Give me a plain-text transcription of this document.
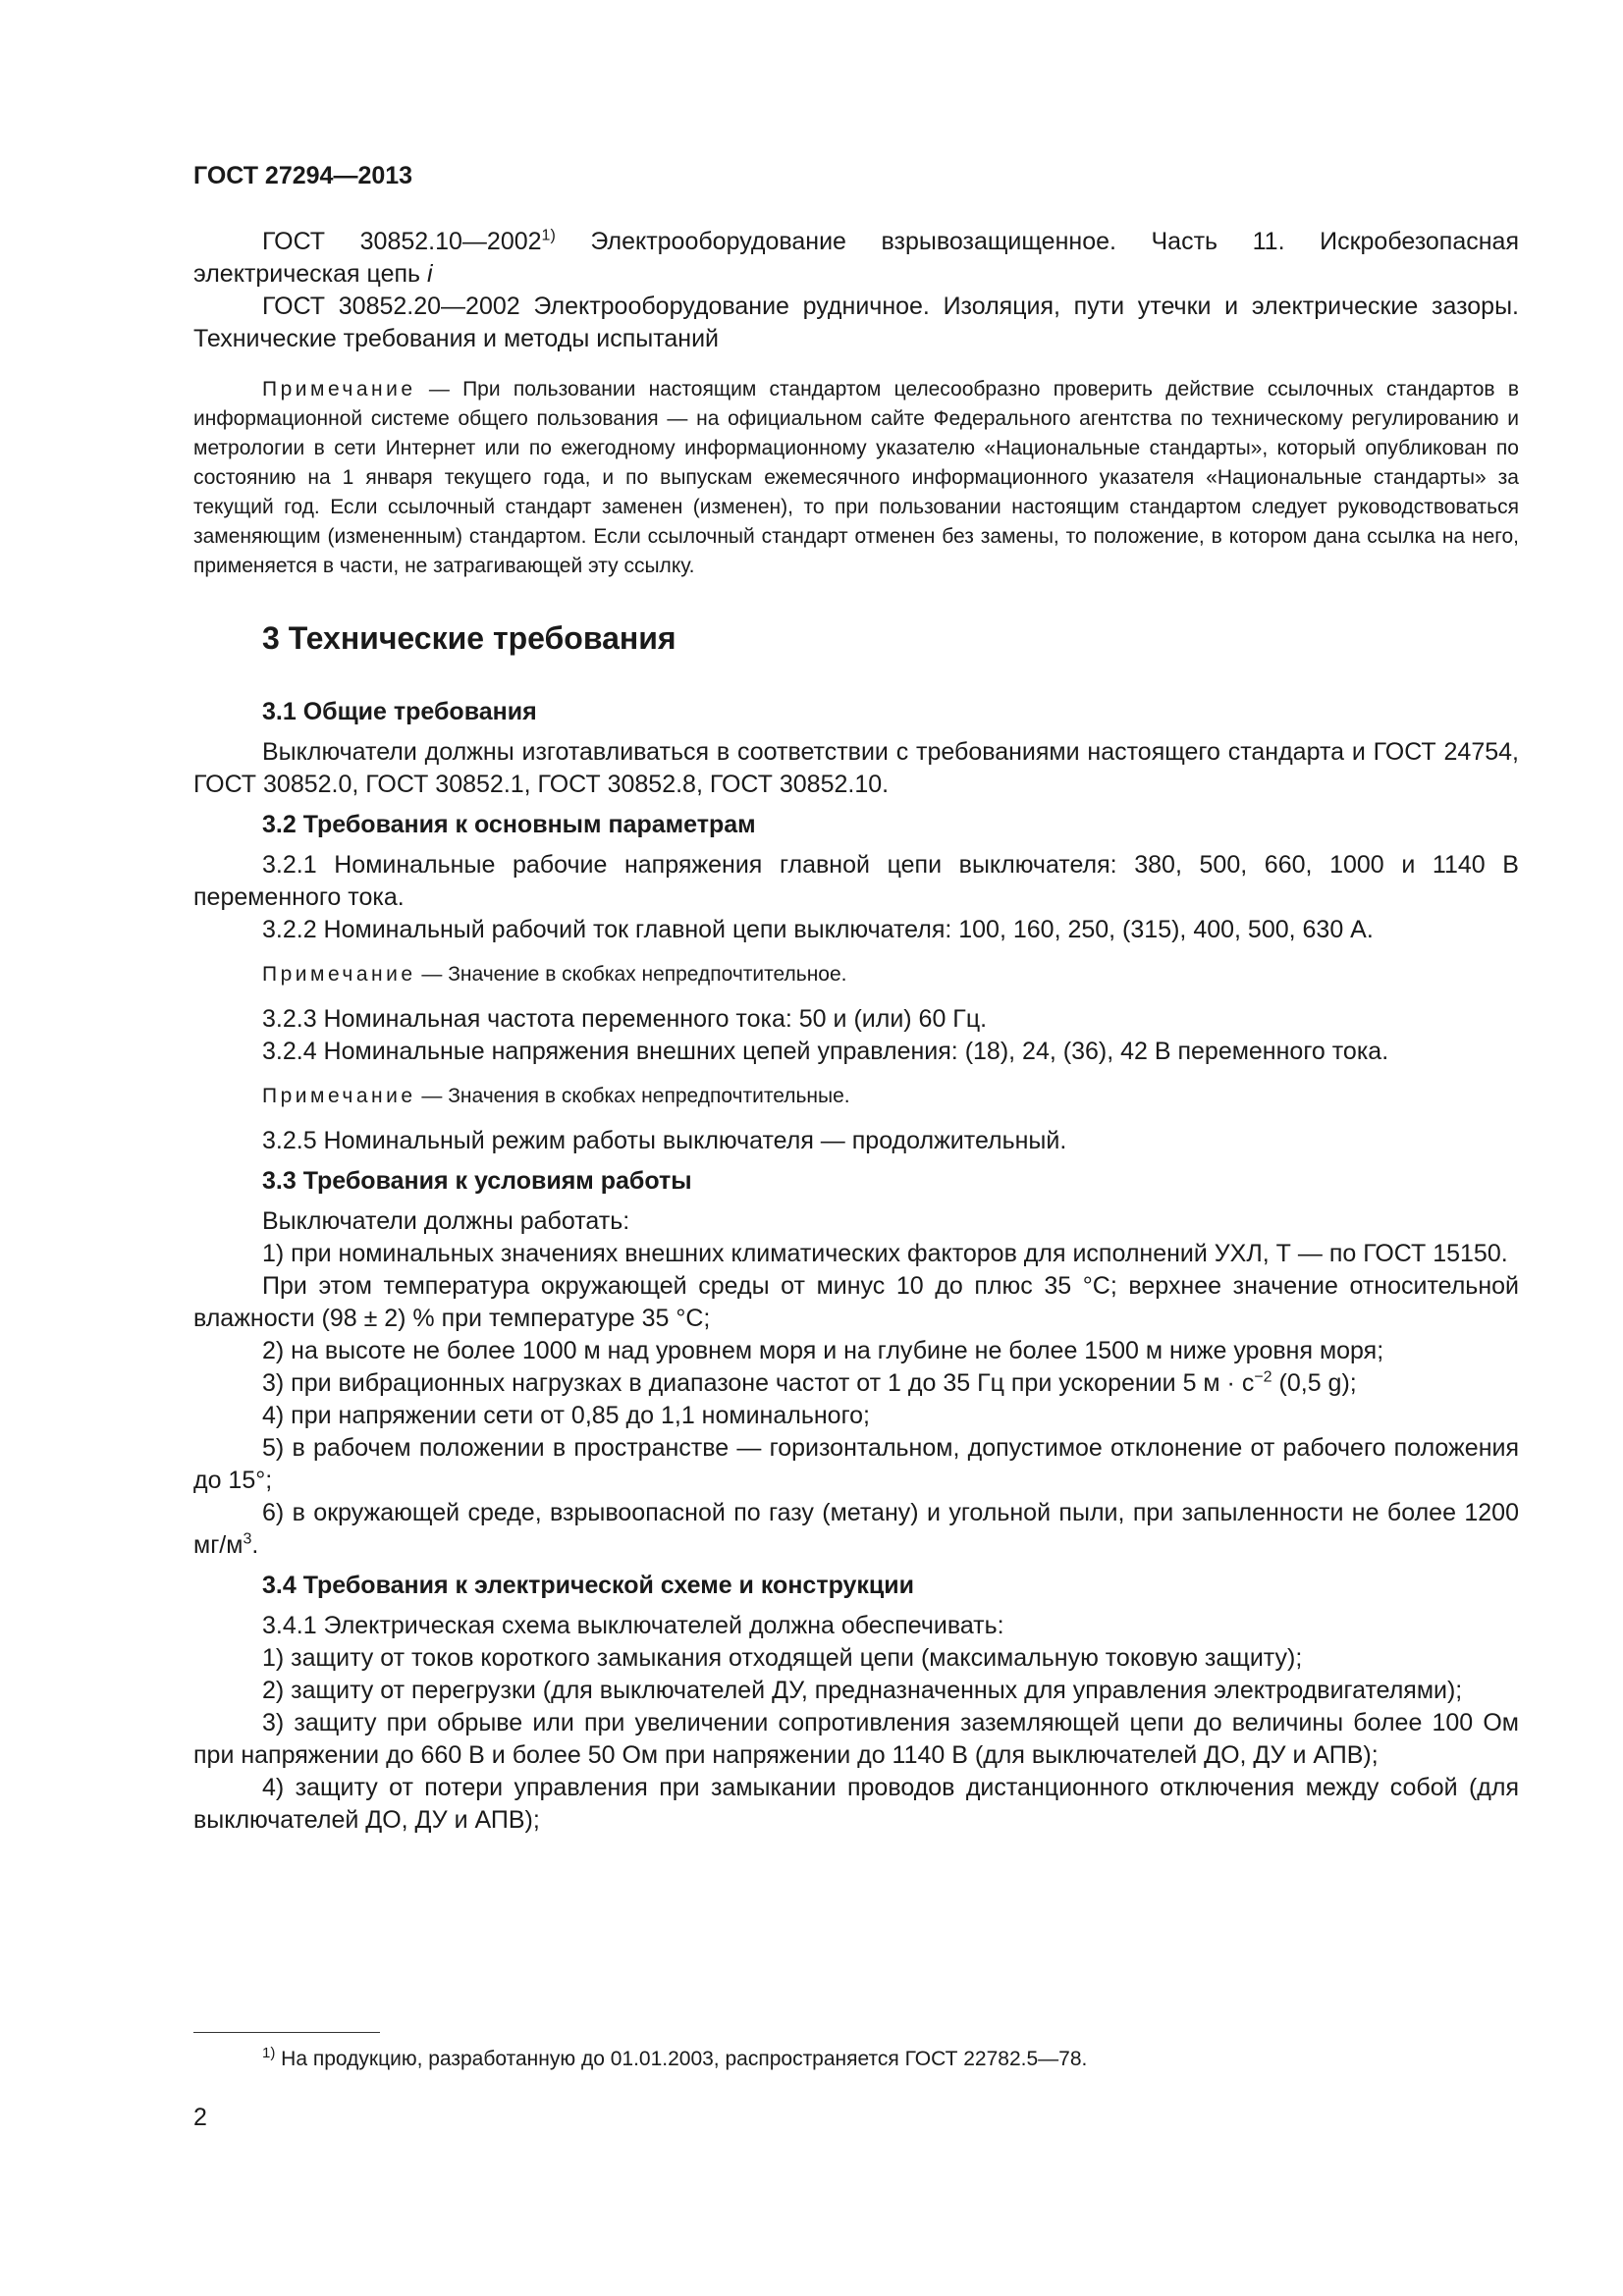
ГОСТ 27294—2013

ГОСТ 30852.10—2002$^{1)}$ Электрооборудование взрывозащищенное. Часть 11. Искробезопасная электрическая цепь i

ГОСТ 30852.20—2002 Электрооборудование рудничное. Изоляция, пути утечки и электрические зазоры. Технические требования и методы испытаний

Примечание — При пользовании настоящим стандартом целесообразно проверить действие ссылочных стандартов в информационной системе общего пользования — на официальном сайте Федерального агентства по техническому регулированию и метрологии в сети Интернет или по ежегодному информационному указателю «Национальные стандарты», который опубликован по состоянию на 1 января текущего года, и по выпускам ежемесячного информационного указателя «Национальные стандарты» за текущий год. Если ссылочный стандарт заменен (изменен), то при пользовании настоящим стандартом следует руководствоваться заменяющим (измененным) стандартом. Если ссылочный стандарт отменен без замены, то положение, в котором дана ссылка на него, применяется в части, не затрагивающей эту ссылку.

3 Технические требования
3.1 Общие требования

Выключатели должны изготавливаться в соответствии с требованиями настоящего стандарта и ГОСТ 24754, ГОСТ 30852.0, ГОСТ 30852.1, ГОСТ 30852.8, ГОСТ 30852.10.

3.2 Требования к основным параметрам

3.2.1 Номинальные рабочие напряжения главной цепи выключателя: 380, 500, 660, 1000 и 1140 В переменного тока.

3.2.2 Номинальный рабочий ток главной цепи выключателя: 100, 160, 250, (315), 400, 500, 630 А.

Примечание — Значение в скобках непредпочтительное.

3.2.3 Номинальная частота переменного тока: 50 и (или) 60 Гц.

3.2.4 Номинальные напряжения внешних цепей управления: (18), 24, (36), 42 В переменного тока.

Примечание — Значения в скобках непредпочтительные.

3.2.5 Номинальный режим работы выключателя — продолжительный.

3.3 Требования к условиям работы

Выключатели должны работать:

1) при номинальных значениях внешних климатических факторов для исполнений УХЛ, Т — по ГОСТ 15150.

При этом температура окружающей среды от минус 10 до плюс 35 °С; верхнее значение относительной влажности (98 ± 2) % при температуре 35 °С;

2) на высоте не более 1000 м над уровнем моря и на глубине не более 1500 м ниже уровня моря;

3) при вибрационных нагрузках в диапазоне частот от 1 до 35 Гц при ускорении 5 $м \cdot с^{-2}$ (0,5 g);

4) при напряжении сети от 0,85 до 1,1 номинального;

5) в рабочем положении в пространстве — горизонтальном, допустимое отклонение от рабочего положения до 15°;

6) в окружающей среде, взрывоопасной по газу (метану) и угольной пыли, при запыленности не более 1200 $мг/м^3$.

3.4 Требования к электрической схеме и конструкции

3.4.1 Электрическая схема выключателей должна обеспечивать:

1) защиту от токов короткого замыкания отходящей цепи (максимальную токовую защиту);

2) защиту от перегрузки (для выключателей ДУ, предназначенных для управления электродвигателями);

3) защиту при обрыве или при увеличении сопротивления заземляющей цепи до величины более 100 Ом при напряжении до 660 В и более 50 Ом при напряжении до 1140 В (для выключателей ДО, ДУ и АПВ);

4) защиту от потери управления при замыкании проводов дистанционного отключения между собой (для выключателей ДО, ДУ и АПВ);

$^{1)}$ На продукцию, разработанную до 01.01.2003, распространяется ГОСТ 22782.5—78.
2
